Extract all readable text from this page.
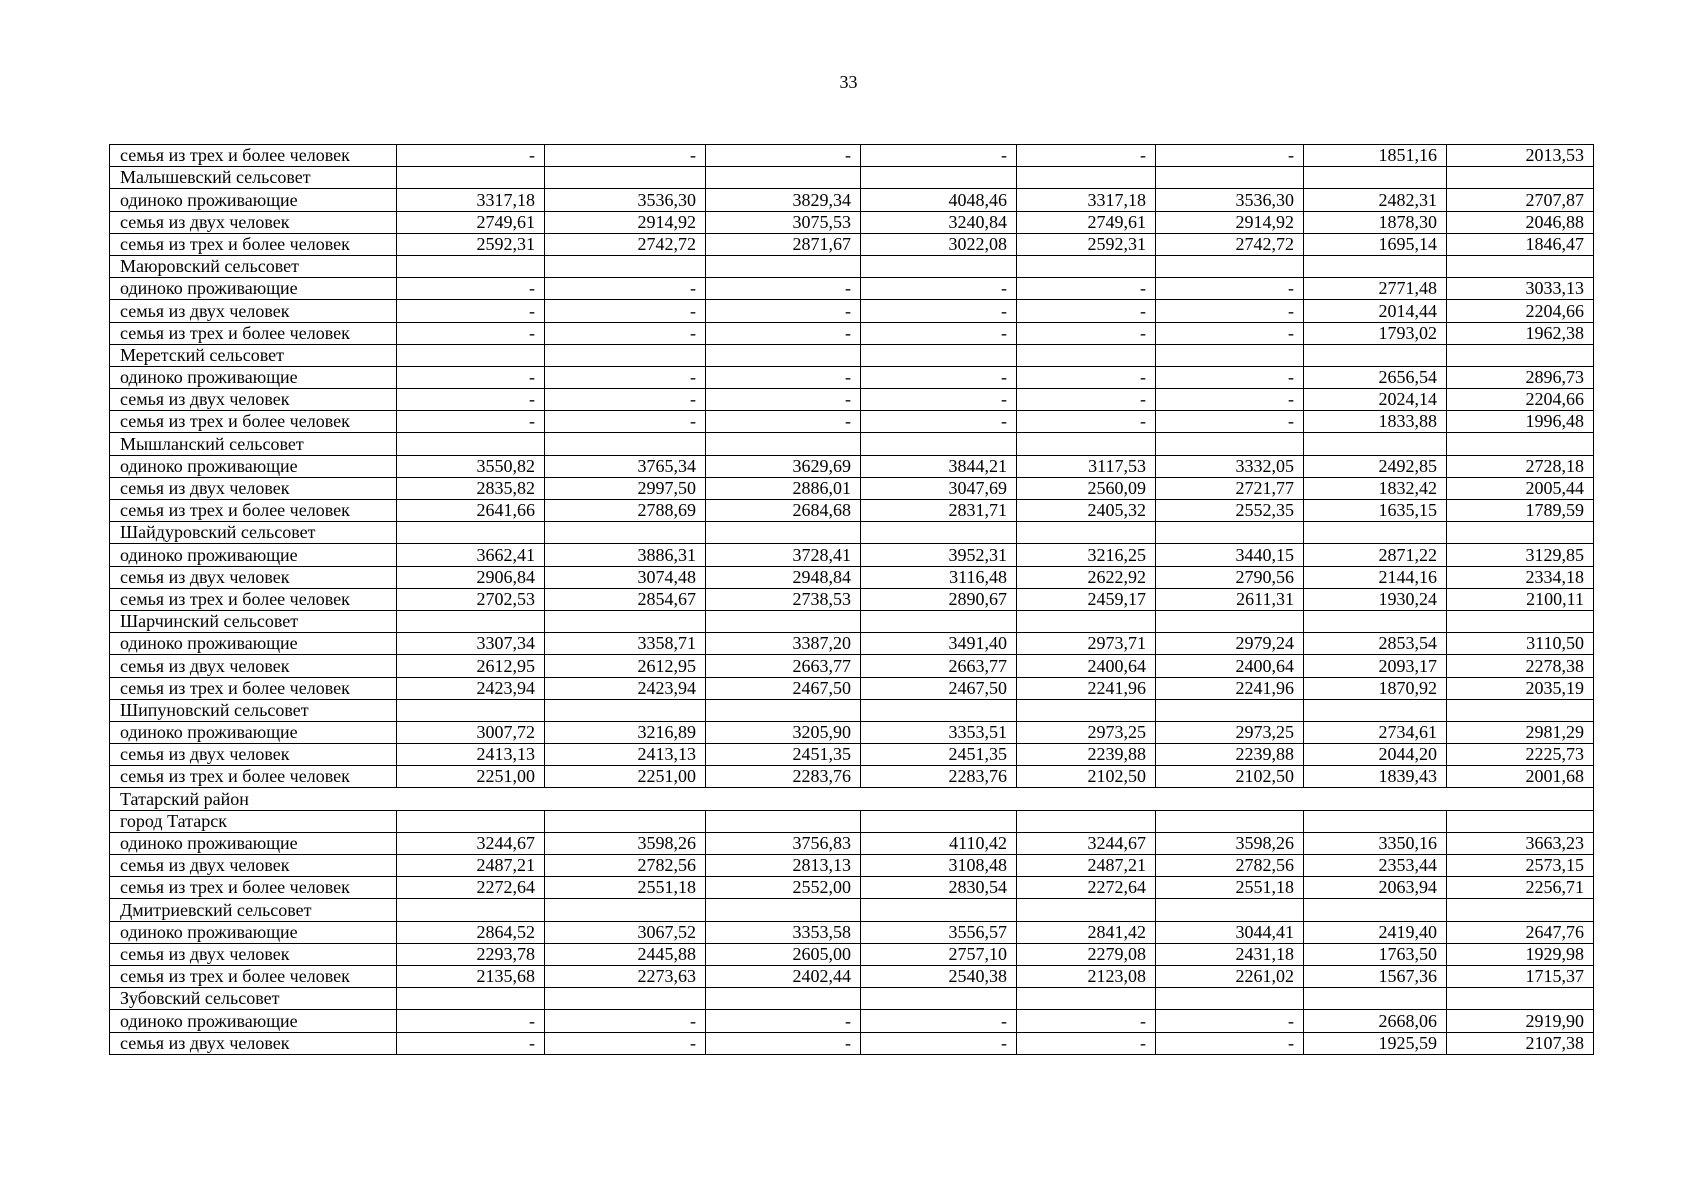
33
семья из трех и более человек	-	-	-	-	-	-	1851,16	2013,53
Малышевский сельсовет								
одиноко проживающие	3317,18	3536,30	3829,34	4048,46	3317,18	3536,30	2482,31	2707,87
семья из двух человек	2749,61	2914,92	3075,53	3240,84	2749,61	2914,92	1878,30	2046,88
семья из трех и более человек	2592,31	2742,72	2871,67	3022,08	2592,31	2742,72	1695,14	1846,47
Маюровский сельсовет								
одиноко проживающие	-	-	-	-	-	-	2771,48	3033,13
семья из двух человек	-	-	-	-	-	-	2014,44	2204,66
семья из трех и более человек	-	-	-	-	-	-	1793,02	1962,38
Меретский сельсовет								
одиноко проживающие	-	-	-	-	-	-	2656,54	2896,73
семья из двух человек	-	-	-	-	-	-	2024,14	2204,66
семья из трех и более человек	-	-	-	-	-	-	1833,88	1996,48
Мышланский сельсовет								
одиноко проживающие	3550,82	3765,34	3629,69	3844,21	3117,53	3332,05	2492,85	2728,18
семья из двух человек	2835,82	2997,50	2886,01	3047,69	2560,09	2721,77	1832,42	2005,44
семья из трех и более человек	2641,66	2788,69	2684,68	2831,71	2405,32	2552,35	1635,15	1789,59
Шайдуровский сельсовет								
одиноко проживающие	3662,41	3886,31	3728,41	3952,31	3216,25	3440,15	2871,22	3129,85
семья из двух человек	2906,84	3074,48	2948,84	3116,48	2622,92	2790,56	2144,16	2334,18
семья из трех и более человек	2702,53	2854,67	2738,53	2890,67	2459,17	2611,31	1930,24	2100,11
Шарчинский сельсовет								
одиноко проживающие	3307,34	3358,71	3387,20	3491,40	2973,71	2979,24	2853,54	3110,50
семья из двух человек	2612,95	2612,95	2663,77	2663,77	2400,64	2400,64	2093,17	2278,38
семья из трех и более человек	2423,94	2423,94	2467,50	2467,50	2241,96	2241,96	1870,92	2035,19
Шипуновский сельсовет								
одиноко проживающие	3007,72	3216,89	3205,90	3353,51	2973,25	2973,25	2734,61	2981,29
семья из двух человек	2413,13	2413,13	2451,35	2451,35	2239,88	2239,88	2044,20	2225,73
семья из трех и более человек	2251,00	2251,00	2283,76	2283,76	2102,50	2102,50	1839,43	2001,68
Татарский район								
город Татарск								
одиноко проживающие	3244,67	3598,26	3756,83	4110,42	3244,67	3598,26	3350,16	3663,23
семья из двух человек	2487,21	2782,56	2813,13	3108,48	2487,21	2782,56	2353,44	2573,15
семья из трех и более человек	2272,64	2551,18	2552,00	2830,54	2272,64	2551,18	2063,94	2256,71
Дмитриевский сельсовет								
одиноко проживающие	2864,52	3067,52	3353,58	3556,57	2841,42	3044,41	2419,40	2647,76
семья из двух человек	2293,78	2445,88	2605,00	2757,10	2279,08	2431,18	1763,50	1929,98
семья из трех и более человек	2135,68	2273,63	2402,44	2540,38	2123,08	2261,02	1567,36	1715,37
Зубовский сельсовет								
одиноко проживающие	-	-	-	-	-	-	2668,06	2919,90
семья из двух человек	-	-	-	-	-	-	1925,59	2107,38
